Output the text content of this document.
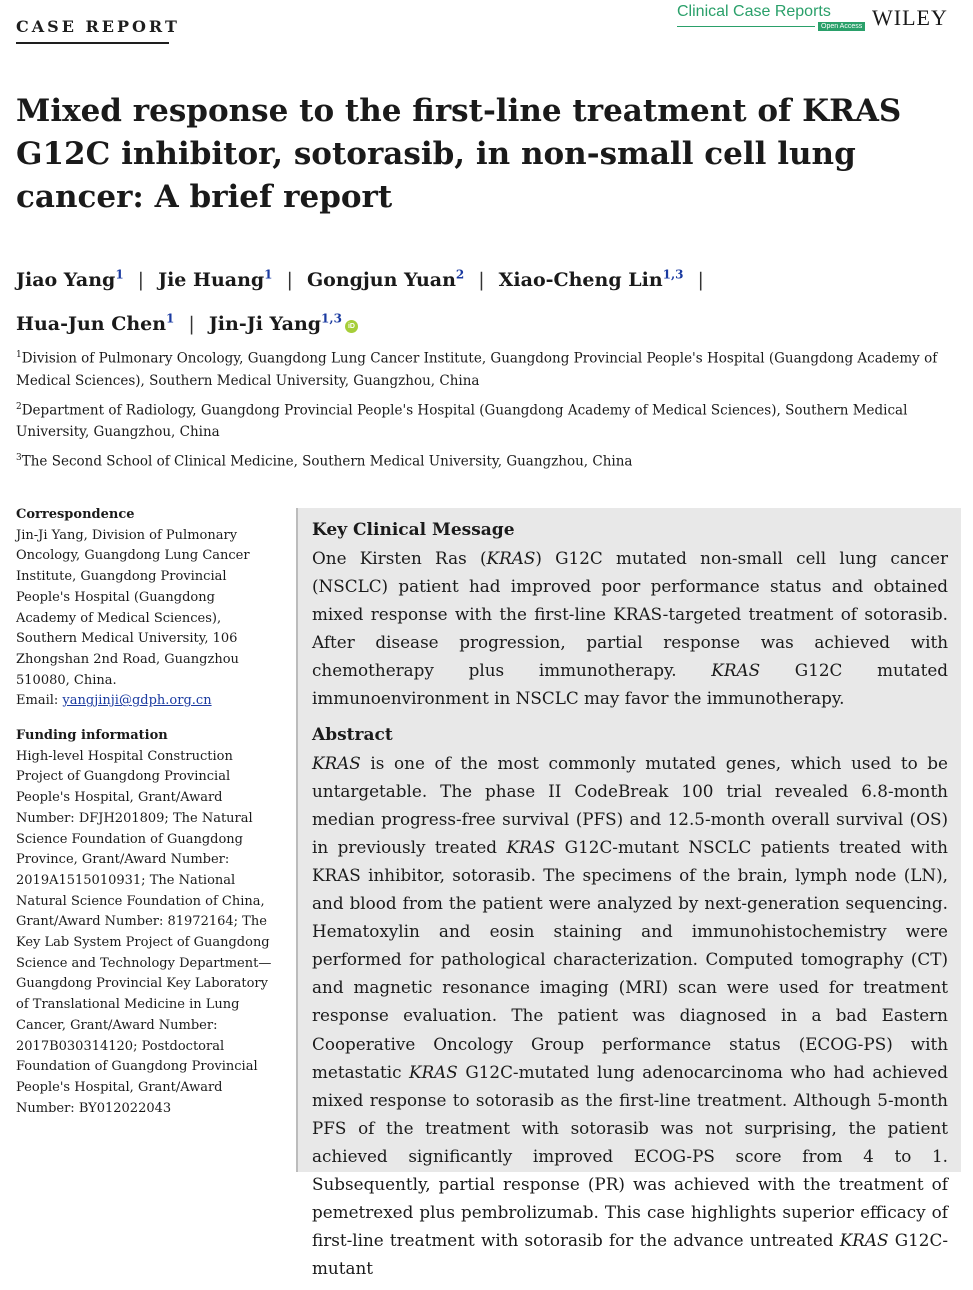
CASE REPORT
Clinical Case Reports
Open Access WILEY
Mixed response to the first-line treatment of KRAS G12C inhibitor, sotorasib, in non-small cell lung cancer: A brief report
Jiao Yang$^1$ | Jie Huang$^1$ | Gongjun Yuan$^2$ | Xiao-Cheng Lin$^{1,3}$ |
Hua-Jun Chen$^1$ | Jin-Ji Yang$^{1,3}$iD

$^1$Division of Pulmonary Oncology, Guangdong Lung Cancer Institute, Guangdong Provincial People's Hospital (Guangdong Academy of Medical Sciences), Southern Medical University, Guangzhou, China

$^2$Department of Radiology, Guangdong Provincial People's Hospital (Guangdong Academy of Medical Sciences), Southern Medical University, Guangzhou, China

$^3$The Second School of Clinical Medicine, Southern Medical University, Guangzhou, China

Correspondence

Jin-Ji Yang, Division of Pulmonary Oncology, Guangdong Lung Cancer Institute, Guangdong Provincial People's Hospital (Guangdong Academy of Medical Sciences), Southern Medical University, 106 Zhongshan 2nd Road, Guangzhou 510080, China.
Email: yangjinji@gdph.org.cn

Funding information

High-level Hospital Construction Project of Guangdong Provincial People's Hospital, Grant/Award Number: DFJH201809; The Natural Science Foundation of Guangdong Province, Grant/Award Number: 2019A1515010931; The National Natural Science Foundation of China, Grant/Award Number: 81972164; The Key Lab System Project of Guangdong Science and Technology Department—Guangdong Provincial Key Laboratory of Translational Medicine in Lung Cancer, Grant/Award Number: 2017B030314120; Postdoctoral Foundation of Guangdong Provincial People's Hospital, Grant/Award Number: BY012022043

Key Clinical Message

One Kirsten Ras (KRAS) G12C mutated non-small cell lung cancer (NSCLC) patient had improved poor performance status and obtained mixed response with the first-line KRAS-targeted treatment of sotorasib. After disease progression, partial response was achieved with chemotherapy plus immunotherapy. KRAS G12C mutated immunoenvironment in NSCLC may favor the immunotherapy.

Abstract

KRAS is one of the most commonly mutated genes, which used to be untargetable. The phase II CodeBreak 100 trial revealed 6.8-month median progress-free survival (PFS) and 12.5-month overall survival (OS) in previously treated KRAS G12C-mutant NSCLC patients treated with KRAS inhibitor, sotorasib. The specimens of the brain, lymph node (LN), and blood from the patient were analyzed by next-generation sequencing. Hematoxylin and eosin staining and immunohistochemistry were performed for pathological characterization. Computed tomography (CT) and magnetic resonance imaging (MRI) scan were used for treatment response evaluation. The patient was diagnosed in a bad Eastern Cooperative Oncology Group performance status (ECOG-PS) with metastatic KRAS G12C-mutated lung adenocarcinoma who had achieved mixed response to sotorasib as the first-line treatment. Although 5-month PFS of the treatment with sotorasib was not surprising, the patient achieved significantly improved ECOG-PS score from 4 to 1. Subsequently, partial response (PR) was achieved with the treatment of pemetrexed plus pembrolizumab. This case highlights superior efficacy of first-line treatment with sotorasib for the advance untreated KRAS G12C-mutant
